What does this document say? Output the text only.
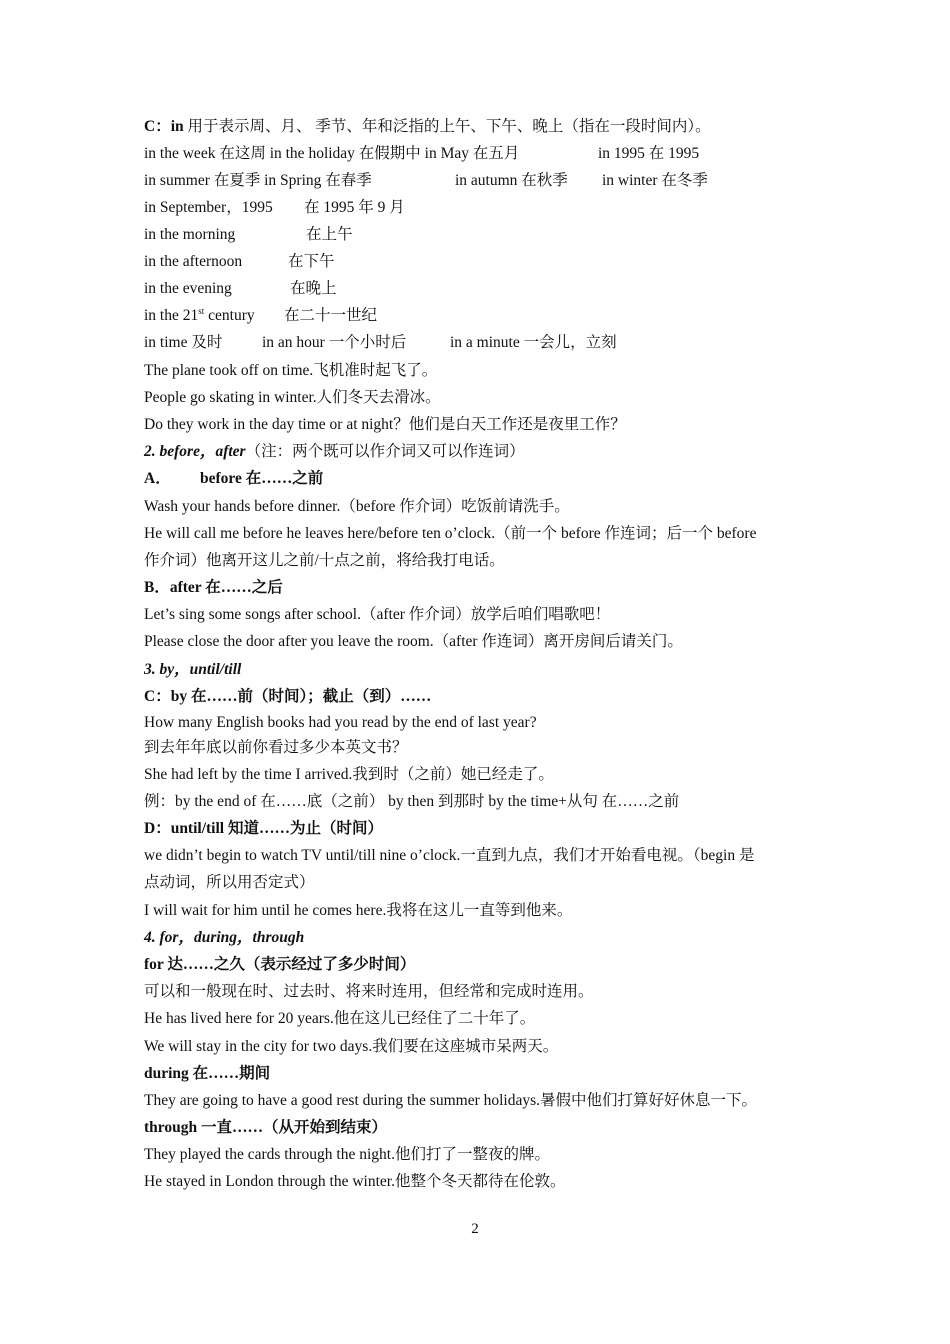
C：in 用于表示周、月、 季节、年和泛指的上午、下午、晚上（指在一段时间内）。
in the week 在这周 in the holiday 在假期中 in May 在五月	in 1995 在 1995
in summer 在夏季 in Spring 在春季	in autumn 在秋季 in winter 在冬季
in September，1995 在 1995 年 9 月
in the morning	在上午
in the afternoon	在下午
in the evening	在晚上
in the 21st century 在二十一世纪
in time 及时	in an hour 一个小时后	in a minute 一会儿，立刻
The plane took off on time.飞机准时起飞了。
People go skating in winter.人们冬天去滑冰。
Do they work in the day time or at night？他们是白天工作还是夜里工作？
2. before，after（注：两个既可以作介词又可以作连词）
A． before 在……之前
Wash your hands before dinner.（before 作介词）吃饭前请洗手。
He will call me before he leaves here/before ten o’clock.（前一个 before 作连词；后一个 before
作介词）他离开这儿之前/十点之前，将给我打电话。
B．after 在……之后
Let’s sing some songs after school.（after 作介词）放学后咱们唱歌吧！
Please close the door after you leave the room.（after 作连词）离开房间后请关门。
3. by，until/till
C：by 在……前（时间）；截止（到）……
How many English books had you read by the end of last year?
到去年年底以前你看过多少本英文书？
She had left by the time I arrived.我到时（之前）她已经走了。
例：by the end of 在……底（之前） by then 到那时 by the time+从句 在……之前
D：until/till 知道……为止（时间）
we didn’t begin to watch TV until/till nine o’clock.一直到九点，我们才开始看电视。（begin 是
点动词，所以用否定式）
I will wait for him until he comes here.我将在这儿一直等到他来。
4. for，during，through
for 达……之久（表示经过了多少时间）
可以和一般现在时、过去时、将来时连用，但经常和完成时连用。
He has lived here for 20 years.他在这儿已经住了二十年了。
We will stay in the city for two days.我们要在这座城市呆两天。
during 在……期间
They are going to have a good rest during the summer holidays.暑假中他们打算好好休息一下。
through 一直……（从开始到结束）
They played the cards through the night.他们打了一整夜的牌。
He stayed in London through the winter.他整个冬天都待在伦敦。
2
